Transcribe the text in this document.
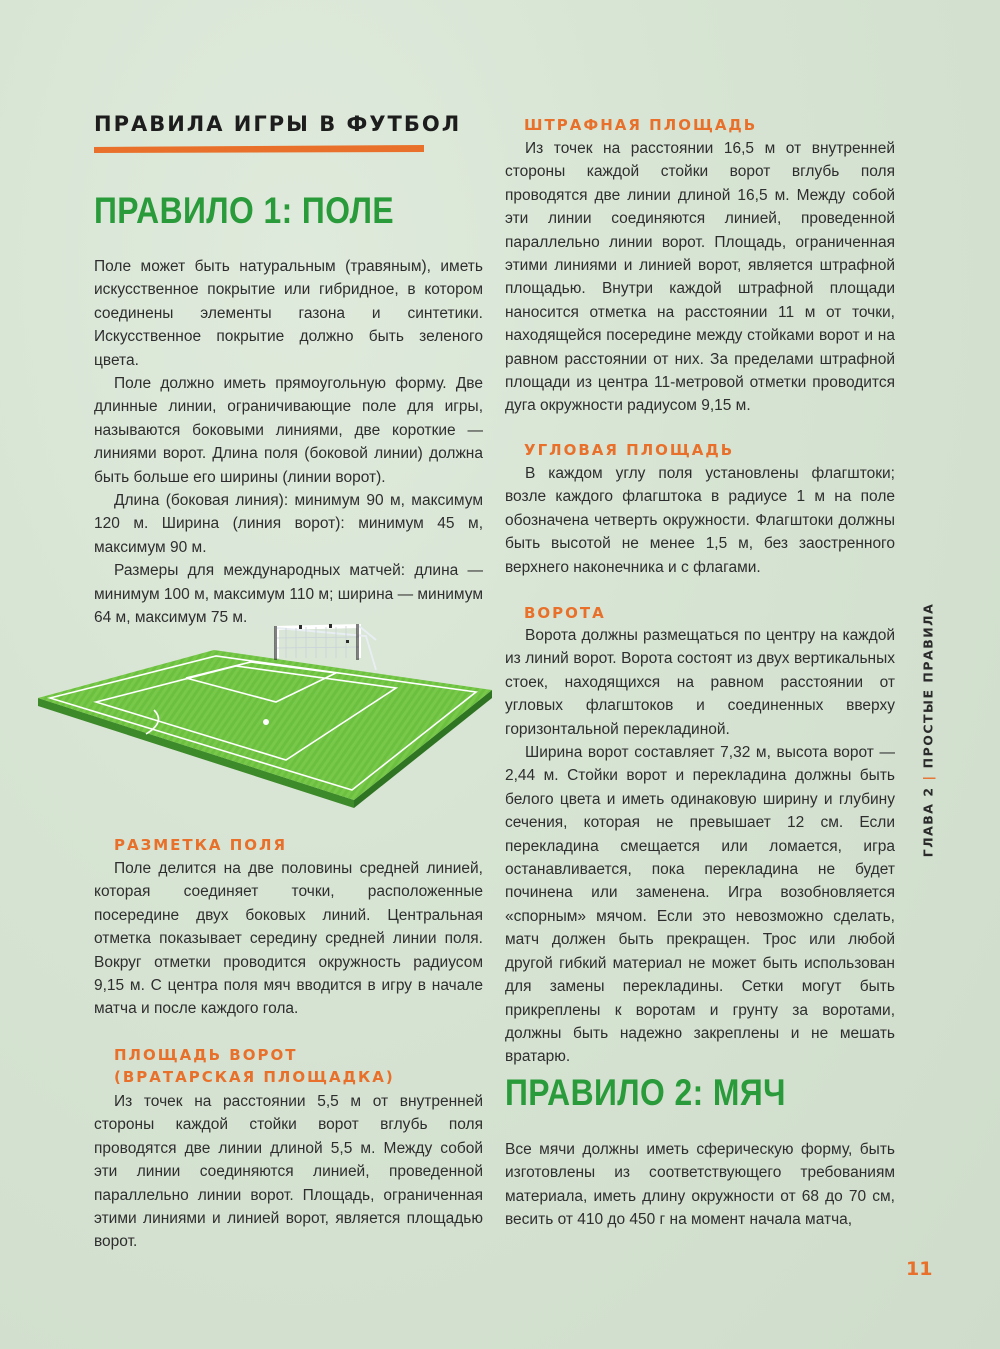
ПРАВИЛА ИГРЫ В ФУТБОЛ
ПРАВИЛО 1: ПОЛЕ

Поле может быть натуральным (травяным), иметь искусственное покрытие или гибридное, в котором соединены элементы газона и синтетики. Искусственное покрытие должно быть зеленого цвета.

Поле должно иметь прямоугольную форму. Две длинные линии, ограничивающие поле для игры, называются боковыми линиями, две короткие — линиями ворот. Длина поля (боковой линии) должна быть больше его ширины (линии ворот).

Длина (боковая линия): минимум 90 м, максимум 120 м. Ширина (линия ворот): минимум 45 м, максимум 90 м.

Размеры для международных матчей: длина — минимум 100 м, максимум 110 м; ширина — минимум 64 м, максимум 75 м.

РАЗМЕТКА ПОЛЯ

Поле делится на две половины средней линией, которая соединяет точки, расположенные посередине двух боковых линий. Центральная отметка показывает середину средней линии поля. Вокруг отметки проводится окружность радиусом 9,15 м. С центра поля мяч вводится в игру в начале матча и после каждого гола.

ПЛОЩАДЬ ВОРОТ
(ВРАТАРСКАЯ ПЛОЩАДКА)

Из точек на расстоянии 5,5 м от внутренней стороны каждой стойки ворот вглубь поля проводятся две линии длиной 5,5 м. Между собой эти линии соединяются линией, проведенной параллельно линии ворот. Площадь, ограниченная этими линиями и линией ворот, является площадью ворот.

ШТРАФНАЯ ПЛОЩАДЬ

Из точек на расстоянии 16,5 м от внутренней стороны каждой стойки ворот вглубь поля проводятся две линии длиной 16,5 м. Между собой эти линии соединяются линией, проведенной параллельно линии ворот. Площадь, ограниченная этими линиями и линией ворот, является штрафной площадью. Внутри каждой штрафной площади наносится отметка на расстоянии 11 м от точки, находящейся посередине между стойками ворот и на равном расстоянии от них. За пределами штрафной площади из центра 11-метровой отметки проводится дуга окружности радиусом 9,15 м.

УГЛОВАЯ ПЛОЩАДЬ

В каждом углу поля установлены флагштоки; возле каждого флагштока в радиусе 1 м на поле обозначена четверть окружности. Флагштоки должны быть высотой не менее 1,5 м, без заостренного верхнего наконечника и с флагами.

ВОРОТА

Ворота должны размещаться по центру на каждой из линий ворот. Ворота состоят из двух вертикальных стоек, находящихся на равном расстоянии от угловых флагштоков и соединенных вверху горизонтальной перекладиной.

Ширина ворот составляет 7,32 м, высота ворот — 2,44 м. Стойки ворот и перекладина должны быть белого цвета и иметь одинаковую ширину и глубину сечения, которая не превышает 12 см. Если перекладина смещается или ломается, игра останавливается, пока перекладина не будет починена или заменена. Игра возобновляется «спорным» мячом. Если это невозможно сделать, матч должен быть прекращен. Трос или любой другой гибкий материал не может быть использован для замены перекладины. Сетки могут быть прикреплены к воротам и грунту за воротами, должны быть надежно закреплены и не мешать вратарю.

ПРАВИЛО 2: МЯЧ

Все мячи должны иметь сферическую форму, быть изготовлены из соответствующего требованиям материала, иметь длину окружности от 68 до 70 см, весить от 410 до 450 г на момент начала матча,

ГЛАВА 2|ПРОСТЫЕ ПРАВИЛА
11
